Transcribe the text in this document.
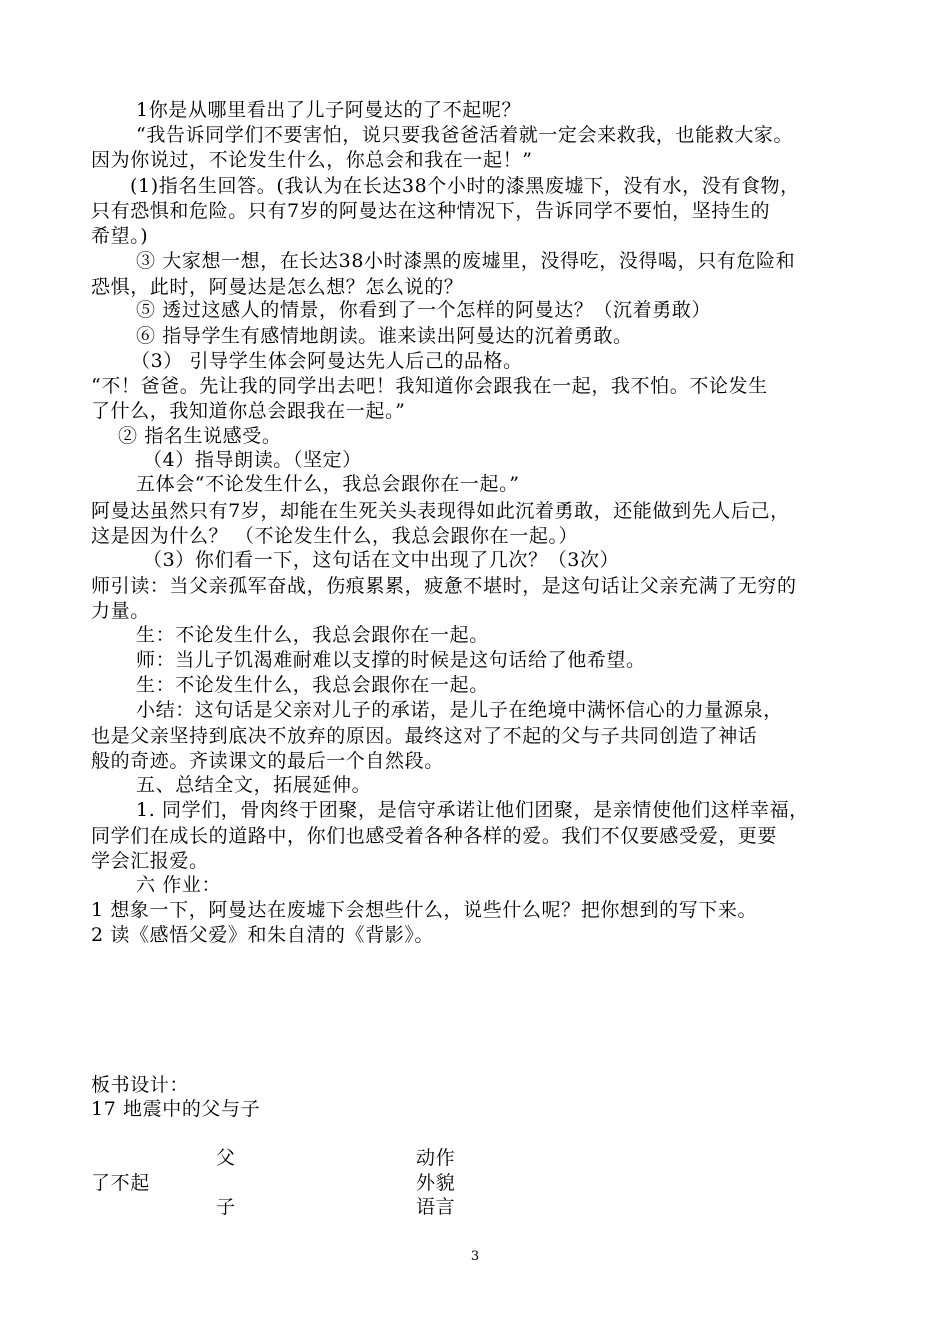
1你是从哪里看出了儿子阿曼达的了不起呢？
“我告诉同学们不要害怕，说只要我爸爸活着就一定会来救我，也能救大家。
因为你说过，不论发生什么，你总会和我在一起！”
(1)指名生回答。(我认为在长达38个小时的漆黑废墟下，没有水，没有食物，
只有恐惧和危险。只有7岁的阿曼达在这种情况下，告诉同学不要怕，坚持生的
希望。)
③ 大家想一想，在长达38小时漆黑的废墟里，没得吃，没得喝，只有危险和
恐惧，此时，阿曼达是怎么想？怎么说的？
⑤ 透过这感人的情景，你看到了一个怎样的阿曼达？（沉着勇敢）
⑥ 指导学生有感情地朗读。谁来读出阿曼达的沉着勇敢。
（3） 引导学生体会阿曼达先人后己的品格。
“不！爸爸。先让我的同学出去吧！我知道你会跟我在一起，我不怕。不论发生
了什么，我知道你总会跟我在一起。”
② 指名生说感受。
（4）指导朗读。（坚定）
五体会“不论发生什么，我总会跟你在一起。”
阿曼达虽然只有7岁，却能在生死关头表现得如此沉着勇敢，还能做到先人后己，
这是因为什么？ （不论发生什么，我总会跟你在一起。）
（3）你们看一下，这句话在文中出现了几次？（3次）
师引读：当父亲孤军奋战，伤痕累累，疲惫不堪时，是这句话让父亲充满了无穷的
力量。
生：不论发生什么，我总会跟你在一起。
师：当儿子饥渴难耐难以支撑的时候是这句话给了他希望。
生：不论发生什么，我总会跟你在一起。
小结：这句话是父亲对儿子的承诺，是儿子在绝境中满怀信心的力量源泉，
也是父亲坚持到底决不放弃的原因。最终这对了不起的父与子共同创造了神话
般的奇迹。齐读课文的最后一个自然段。
五、总结全文，拓展延伸。
1. 同学们，骨肉终于团聚，是信守承诺让他们团聚，是亲情使他们这样幸福，
同学们在成长的道路中，你们也感受着各种各样的爱。我们不仅要感受爱，更要
学会汇报爱。
六 作业：
1 想象一下，阿曼达在废墟下会想些什么，说些什么呢？把你想到的写下来。
2 读《感悟父爱》和朱自清的《背影》。
板书设计：
17 地震中的父与子
父
了不起
子
动作
外貌
语言
3
